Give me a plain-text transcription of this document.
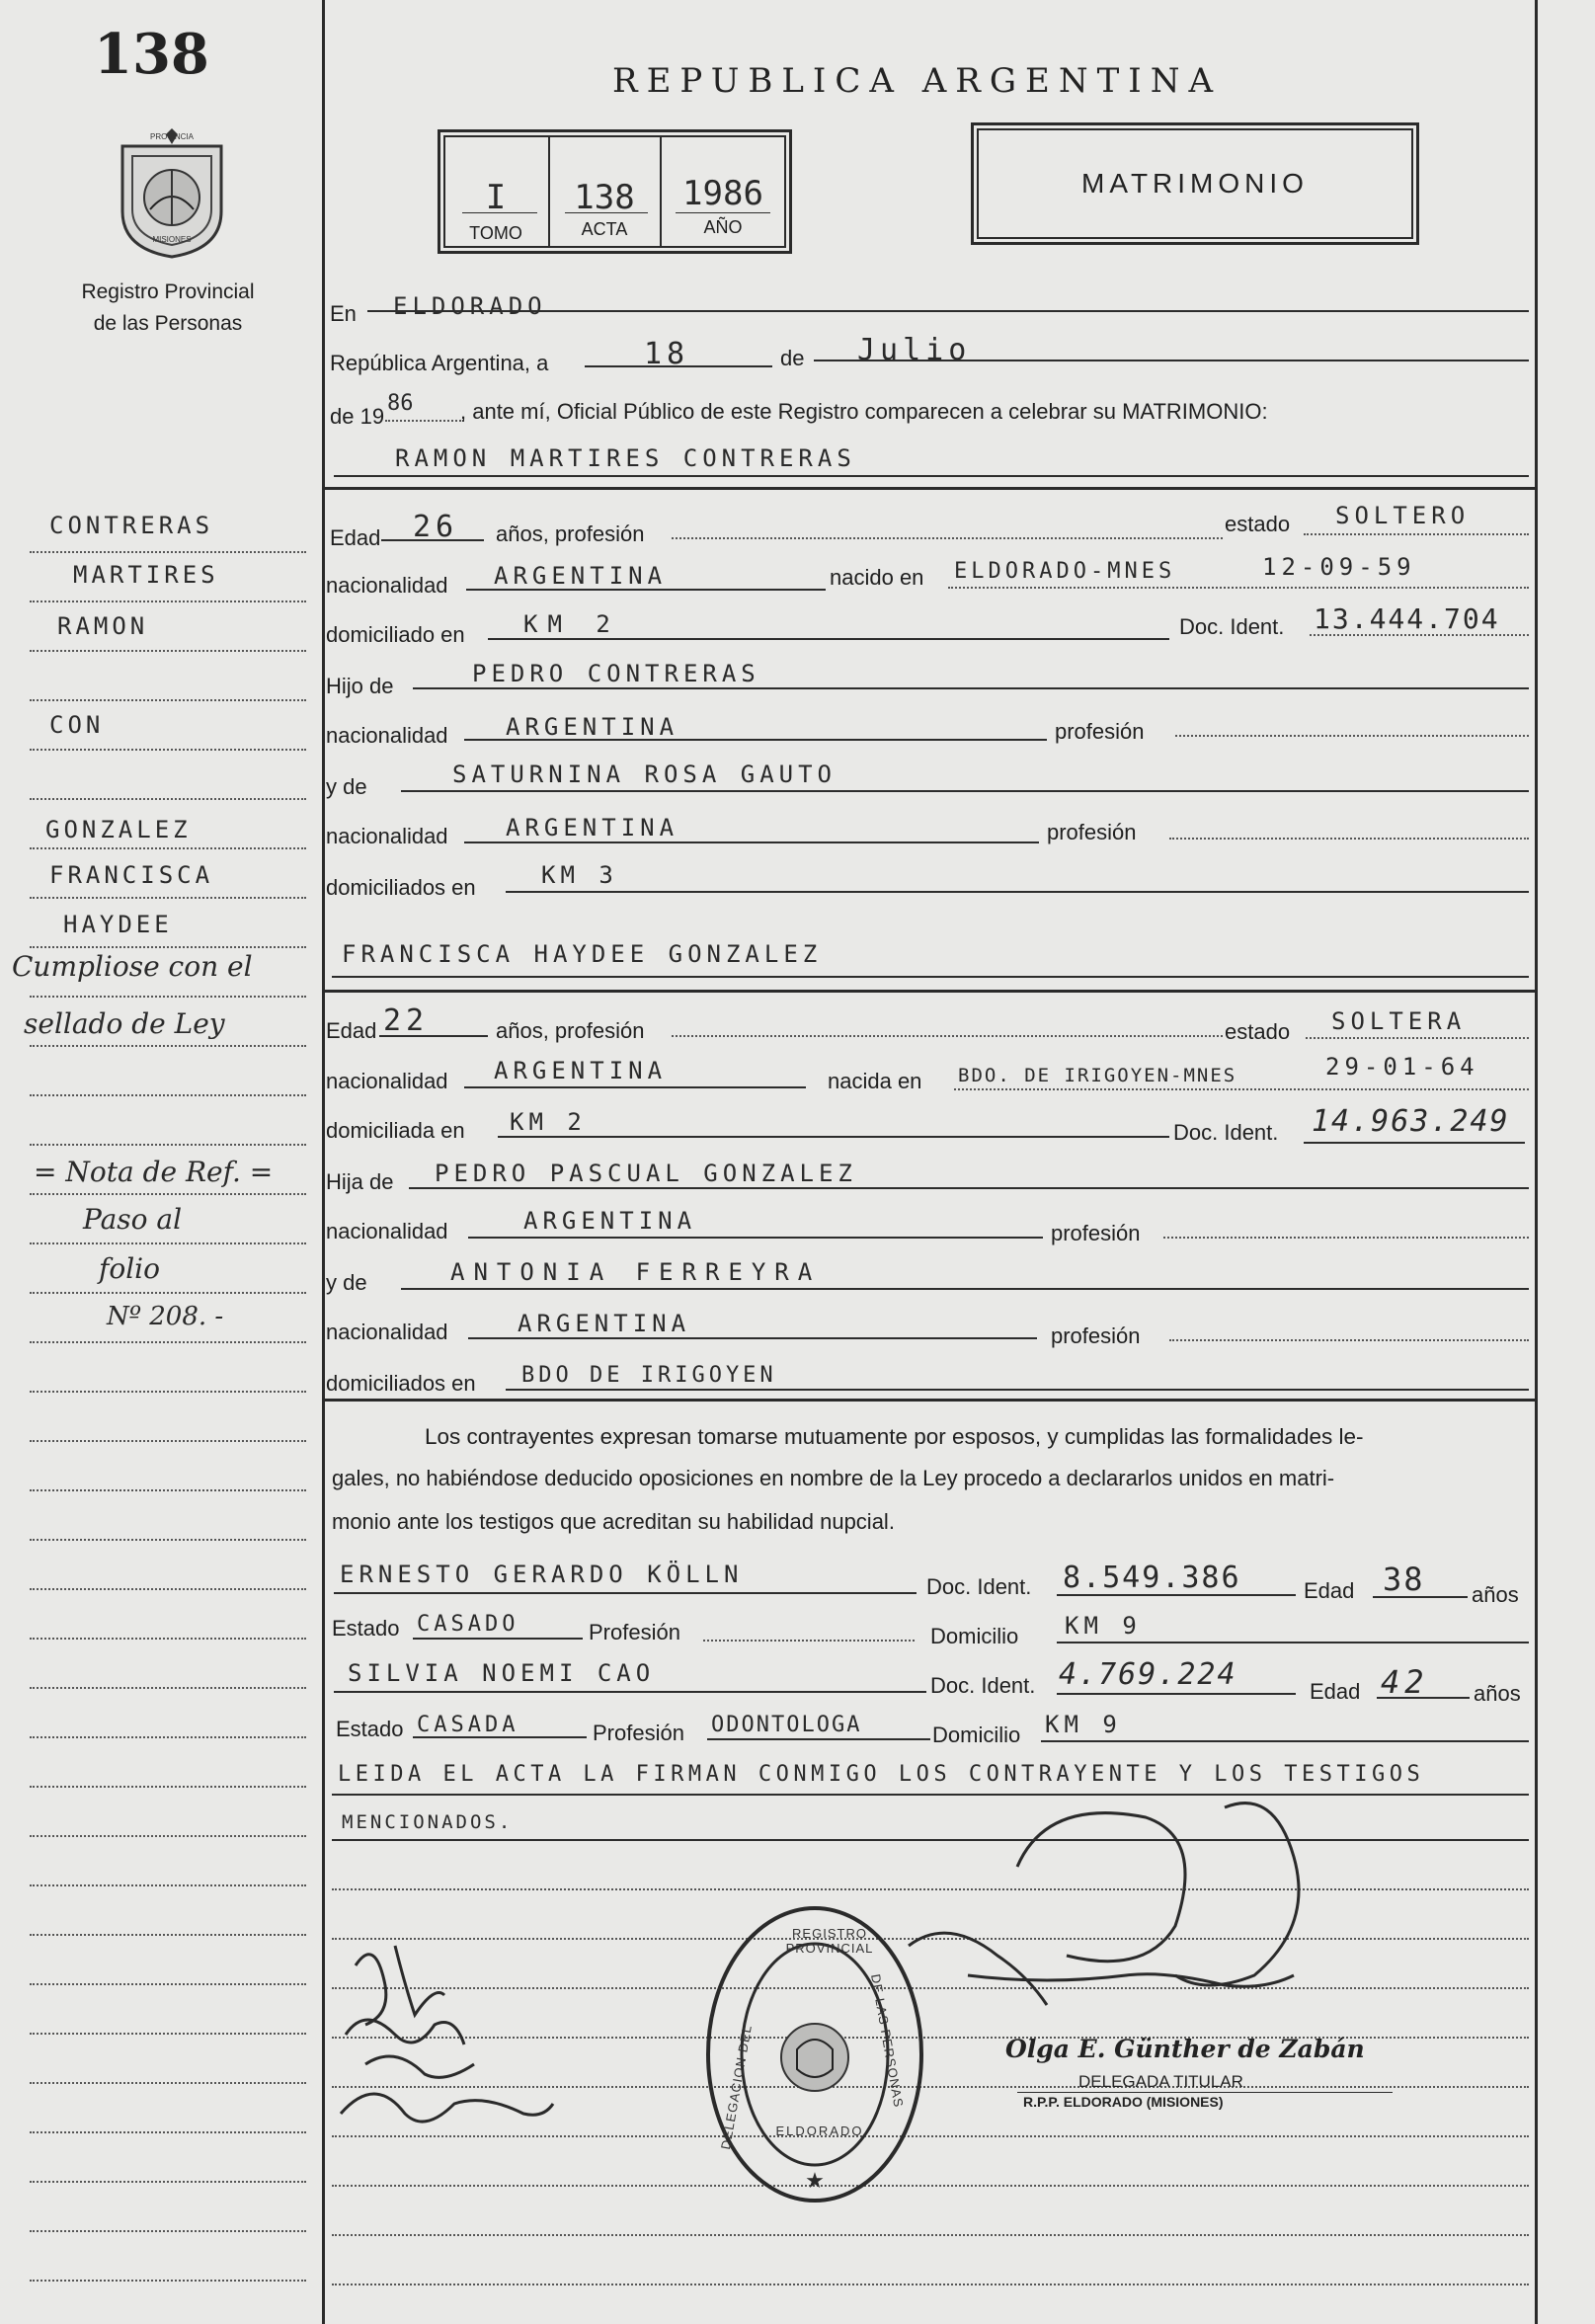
138
PROVINCIA
MISIONES
Registro Provincial
de las Personas
REPUBLICA ARGENTINA
I	138	1986
TOMO	ACTA	AÑO
MATRIMONIO
En ELDORADO
República Argentina, a	18	de Julio
de 19
86 , ante mí, Oficial Público de este Registro comparecen a celebrar su MATRIMONIO:
RAMON MARTIRES CONTRERAS
Edad 26 años, profesión	estado SOLTERO
nacionalidad ARGENTINA	nacido en ELDORADO-MNES	12-09-59
domiciliado en KM 2	Doc. Ident. 13.444.704
Hijo de	PEDRO CONTRERAS
nacionalidad ARGENTINA	profesión
y de	SATURNINA ROSA GAUTO
nacionalidad ARGENTINA	profesión
domiciliados en	KM 3
FRANCISCA HAYDEE GONZALEZ
Edad 22	años, profesión	estado SOLTERA
nacionalidad ARGENTINA	nacida en BDO. DE IRIGOYEN-MNES	29-01-64
domiciliada en KM 2	Doc. Ident. 14.963.249
Hija de PEDRO PASCUAL GONZALEZ
nacionalidad	ARGENTINA	profesión
y de	ANTONIA FERREYRA
nacionalidad	ARGENTINA	profesión
domiciliados en BDO DE IRIGOYEN
Los contrayentes expresan tomarse mutuamente por esposos, y cumplidas las formalidades le-
gales, no habiéndose deducido oposiciones en nombre de la Ley procedo a declararlos unidos en matri-
monio ante los testigos que acreditan su habilidad nupcial.
ERNESTO GERARDO KÖLLN	Doc. Ident. 8.549.386	Edad 38 años
Estado CASADO	Profesión	Domicilio KM 9
SILVIA NOEMI CAO	Doc. Ident. 4.769.224	Edad 42 años
Estado CASADA	Profesión ODONTOLOGA	Domicilio KM 9
LEIDA EL ACTA LA FIRMAN CONMIGO LOS CONTRAYENTE Y LOS TESTIGOS
MENCIONADOS.
CONTRERAS
MARTIRES
RAMON
CON
GONZALEZ
FRANCISCA
HAYDEE
Cumpliose con el
sellado de Ley
= Nota de Ref. =
Paso al
folio
Nº 208. -
★
REGISTRO PROVINCIAL
DELEGACION DEL	DE LAS PERSONAS
ELDORADO
Olga E. Günther de Zabán
DELEGADA TITULAR
R.P.P. ELDORADO (MISIONES)
